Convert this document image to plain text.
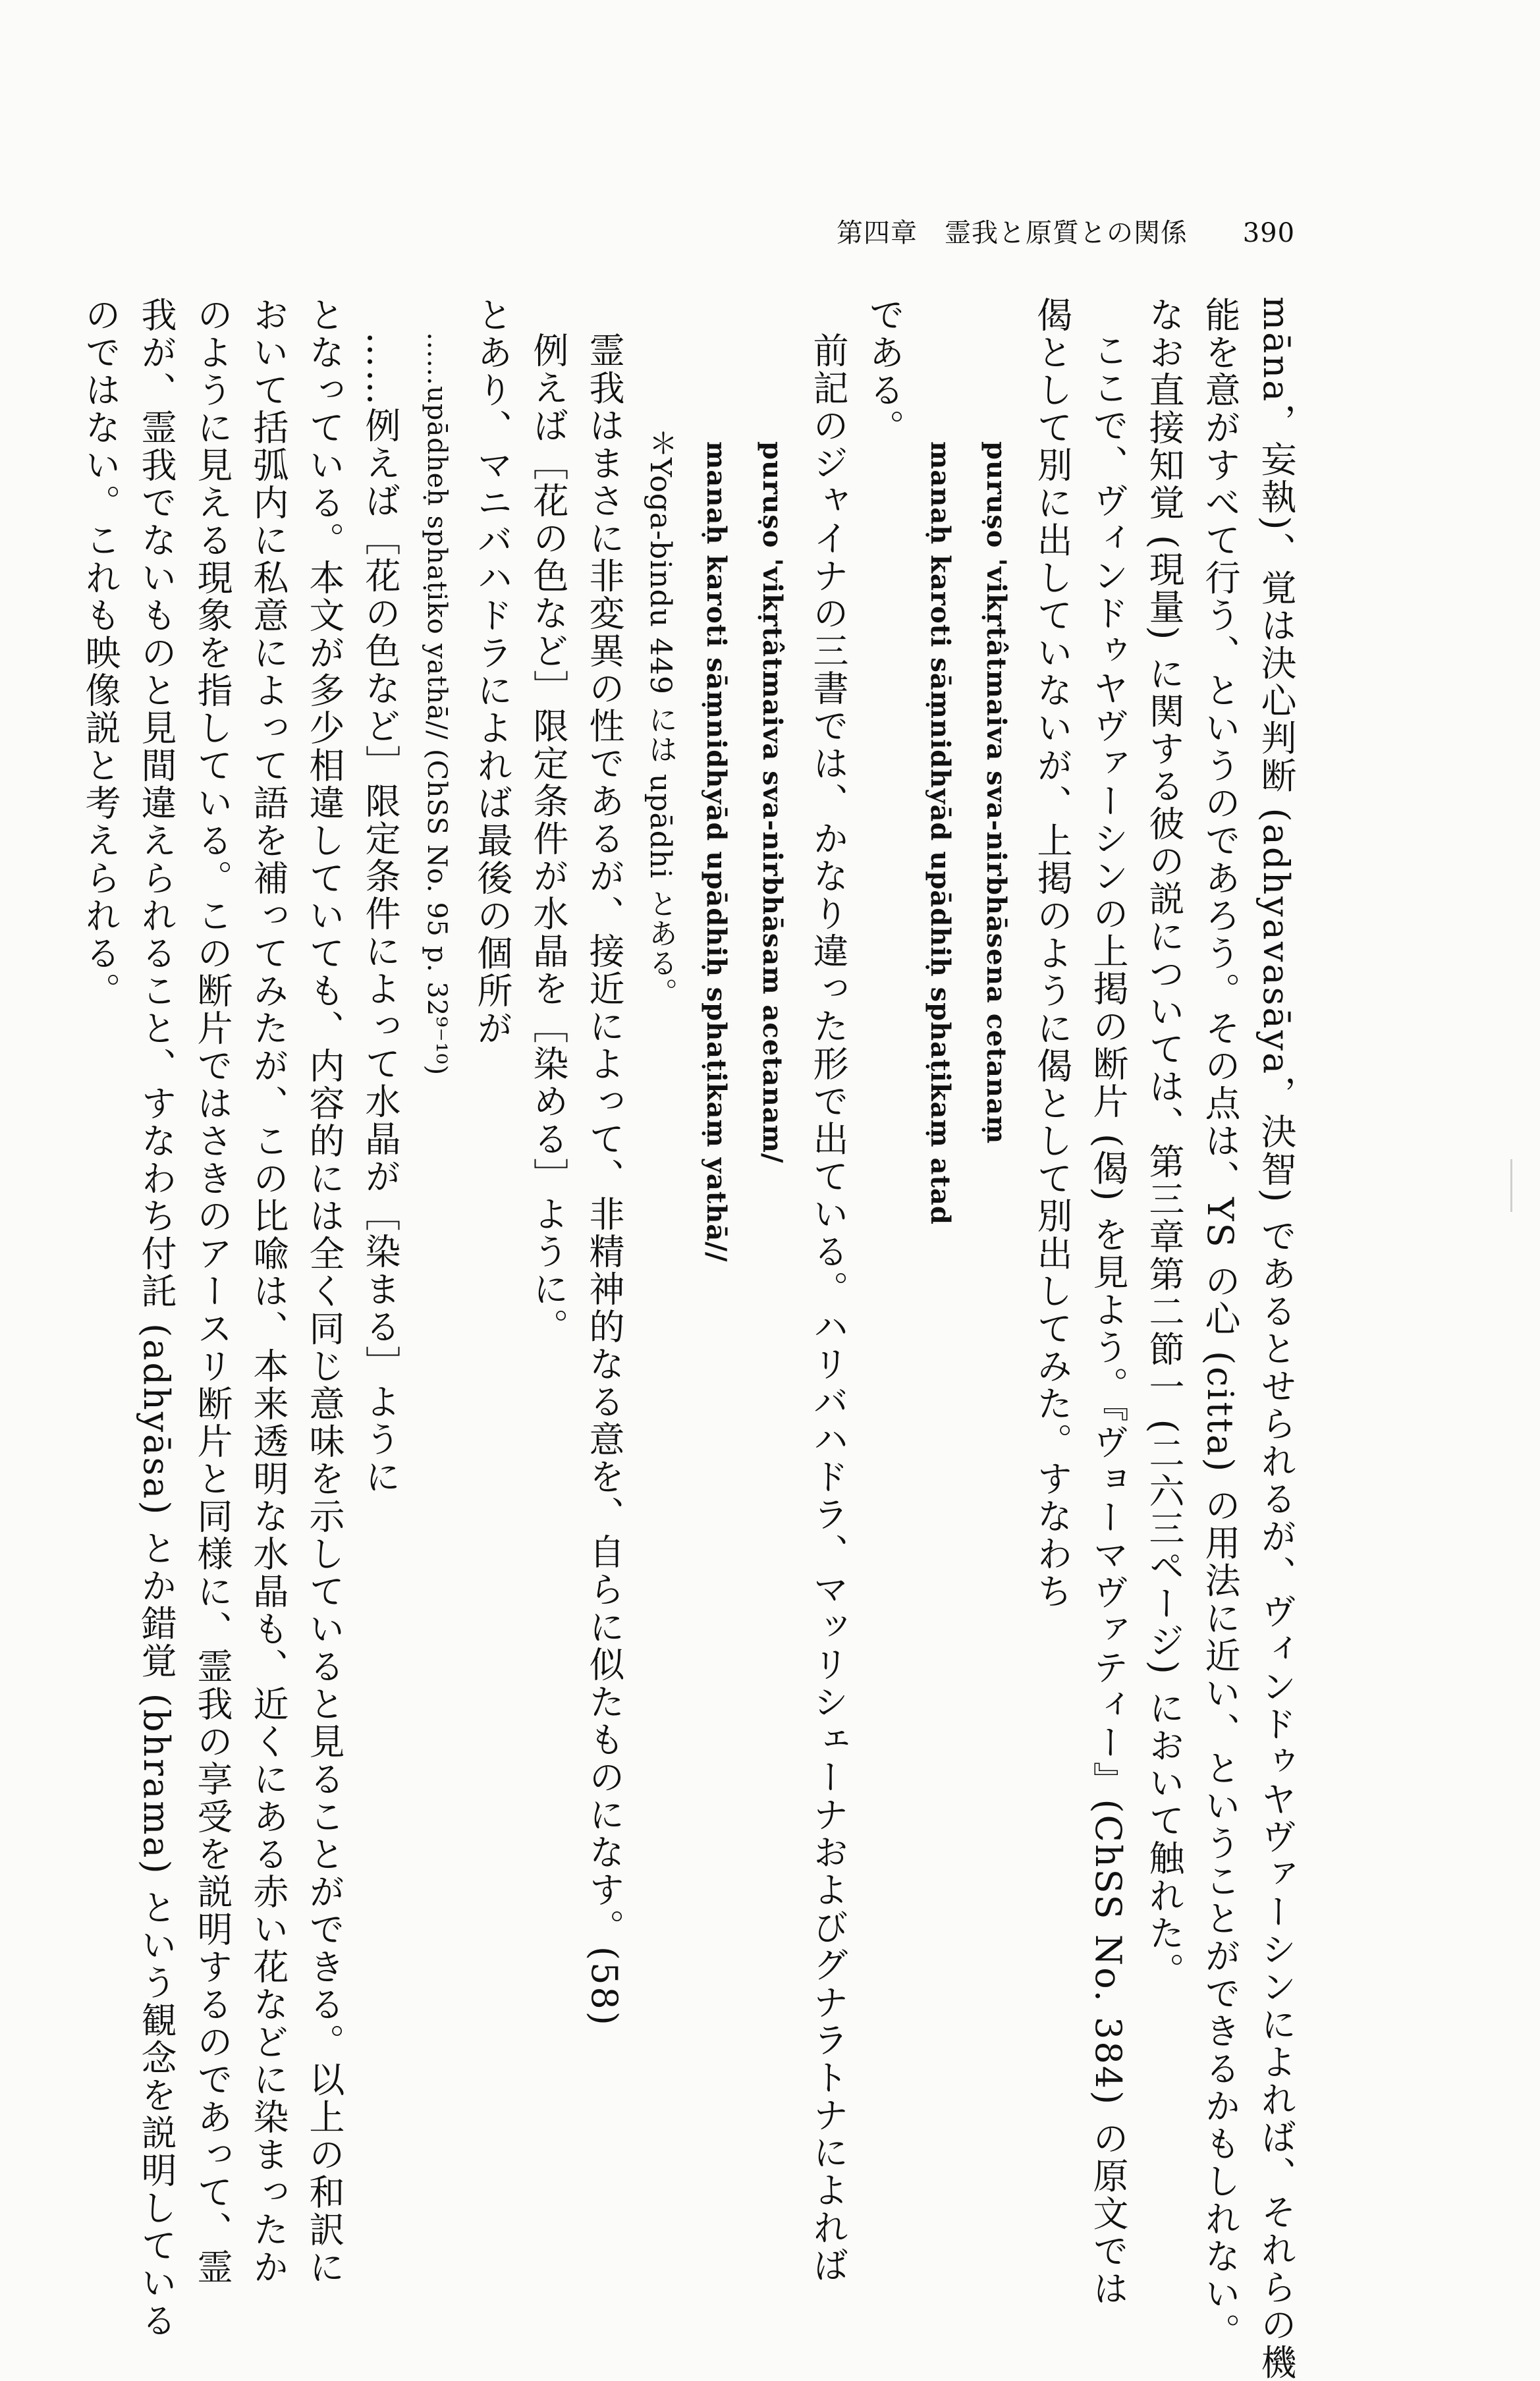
第四章　霊我と原質との関係 390
māna，妄執)、覚は決心判断 (adhyavasāya，決智) であるとせられるが、ヴィンドゥヤヴァーシンによれば、それらの機
能を意がすべて行う、というのであろう。その点は、YS の心 (citta) の用法に近い、ということができるかもしれない。
なお直接知覚 (現量) に関する彼の説については、第三章第二節一 (二六三ページ) において触れた。
ここで、ヴィンドゥヤヴァーシンの上掲の断片 (偈) を見よう。『ヴョーマヴァティー』(ChSS No. 384) の原文では
偈として別に出していないが、上掲のように偈として別出してみた。すなわち
puruṣo 'vikṛtâtmaiva sva-nirbhāsena cetanaṃ
manaḥ karoti sāṃnidhyād upādhiḥ sphaṭikaṃ atad
である。
前記のジャイナの三書では、かなり違った形で出ている。ハリバハドラ、マッリシェーナおよびグナラトナによれば
puruṣo 'vikṛtâtmaiva sva-nirbhāsam acetanam/
manaḥ karoti sāṃnidhyād upādhiḥ sphaṭikaṃ yathā//
＊Yoga-bindu 449 には upādhi とある。
霊我はまさに非変異の性であるが、接近によって、非精神的なる意を、自らに似たものになす。(58)
例えば［花の色など］限定条件が水晶を［染める］ように。
とあり、マニバハドラによれば最後の個所が
……upādheḥ sphaṭiko yathā// (ChSS No. 95 p. 32⁹⁻¹⁰)
……例えば［花の色など］限定条件によって水晶が［染まる］ように
となっている。本文が多少相違していても、内容的には全く同じ意味を示していると見ることができる。以上の和訳に
おいて括弧内に私意によって語を補ってみたが、この比喩は、本来透明な水晶も、近くにある赤い花などに染まったか
のように見える現象を指している。この断片ではさきのアースリ断片と同様に、霊我の享受を説明するのであって、霊
我が、霊我でないものと見間違えられること、すなわち付託 (adhyāsa) とか錯覚 (bhrama) という観念を説明している
のではない。これも映像説と考えられる。
